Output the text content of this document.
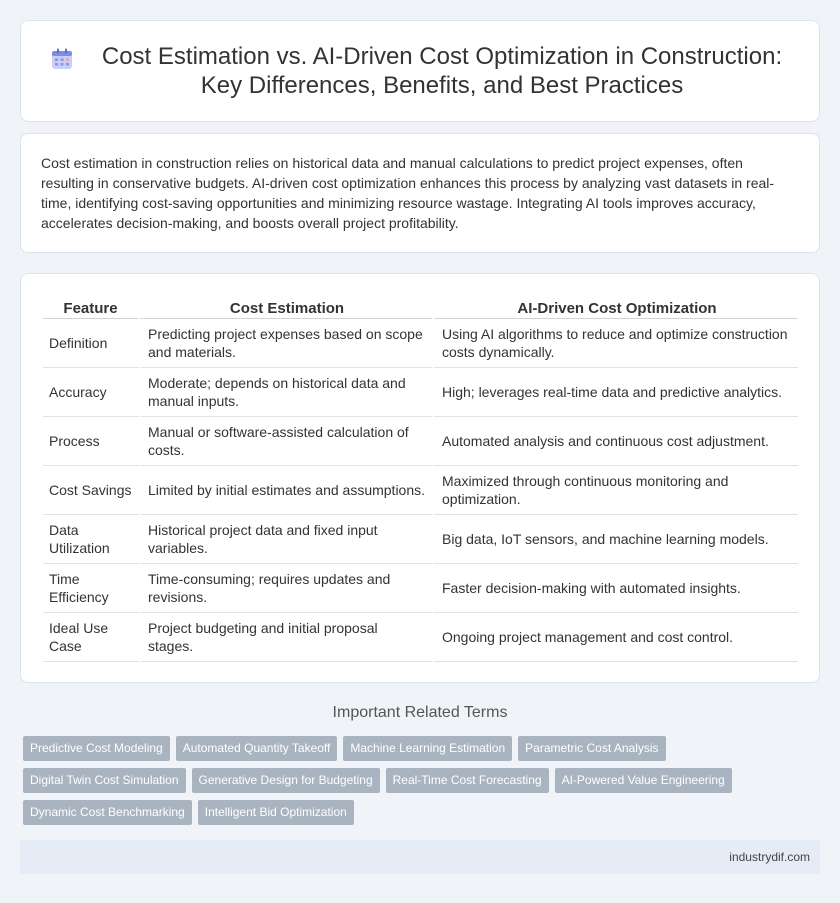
Cost Estimation vs. AI-Driven Cost Optimization in Construction: Key Differences, Benefits, and Best Practices

Cost estimation in construction relies on historical data and manual calculations to predict project expenses, often resulting in conservative budgets. AI-driven cost optimization enhances this process by analyzing vast datasets in real-time, identifying cost-saving opportunities and minimizing resource wastage. Integrating AI tools improves accuracy, accelerates decision-making, and boosts overall project profitability.

Feature	Cost Estimation	AI-Driven Cost Optimization
Definition	Predicting project expenses based on scope and materials.	Using AI algorithms to reduce and optimize construction costs dynamically.
Accuracy	Moderate; depends on historical data and manual inputs.	High; leverages real-time data and predictive analytics.
Process	Manual or software-assisted calculation of costs.	Automated analysis and continuous cost adjustment.
Cost Savings	Limited by initial estimates and assumptions.	Maximized through continuous monitoring and optimization.
Data Utilization	Historical project data and fixed input variables.	Big data, IoT sensors, and machine learning models.
Time Efficiency	Time-consuming; requires updates and revisions.	Faster decision-making with automated insights.
Ideal Use Case	Project budgeting and initial proposal stages.	Ongoing project management and cost control.
Important Related Terms
Predictive Cost Modeling Automated Quantity Takeoff Machine Learning Estimation Parametric Cost Analysis
Digital Twin Cost Simulation Generative Design for Budgeting Real-Time Cost Forecasting AI-Powered Value Engineering
Dynamic Cost Benchmarking Intelligent Bid Optimization
industrydif.com
